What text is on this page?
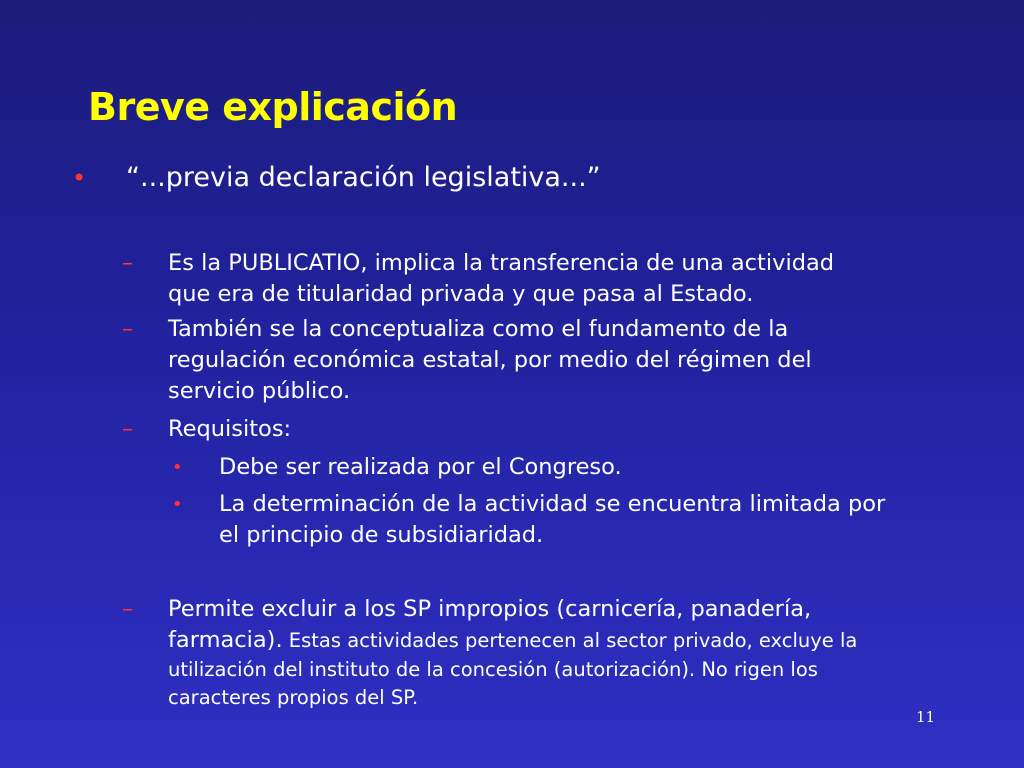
Breve explicación
• “...previa declaración legislativa...”
– Es la PUBLICATIO, implica la transferencia de una actividad
que era de titularidad privada y que pasa al Estado.
– También se la conceptualiza como el fundamento de la
regulación económica estatal, por medio del régimen del
servicio público.
– Requisitos:
• Debe ser realizada por el Congreso.
• La determinación de la actividad se encuentra limitada por
el principio de subsidiaridad.
– Permite excluir a los SP impropios (carnicería, panadería,
farmacia). Estas actividades pertenecen al sector privado, excluye la
utilización del instituto de la concesión (autorización). No rigen los
caracteres propios del SP.
11
